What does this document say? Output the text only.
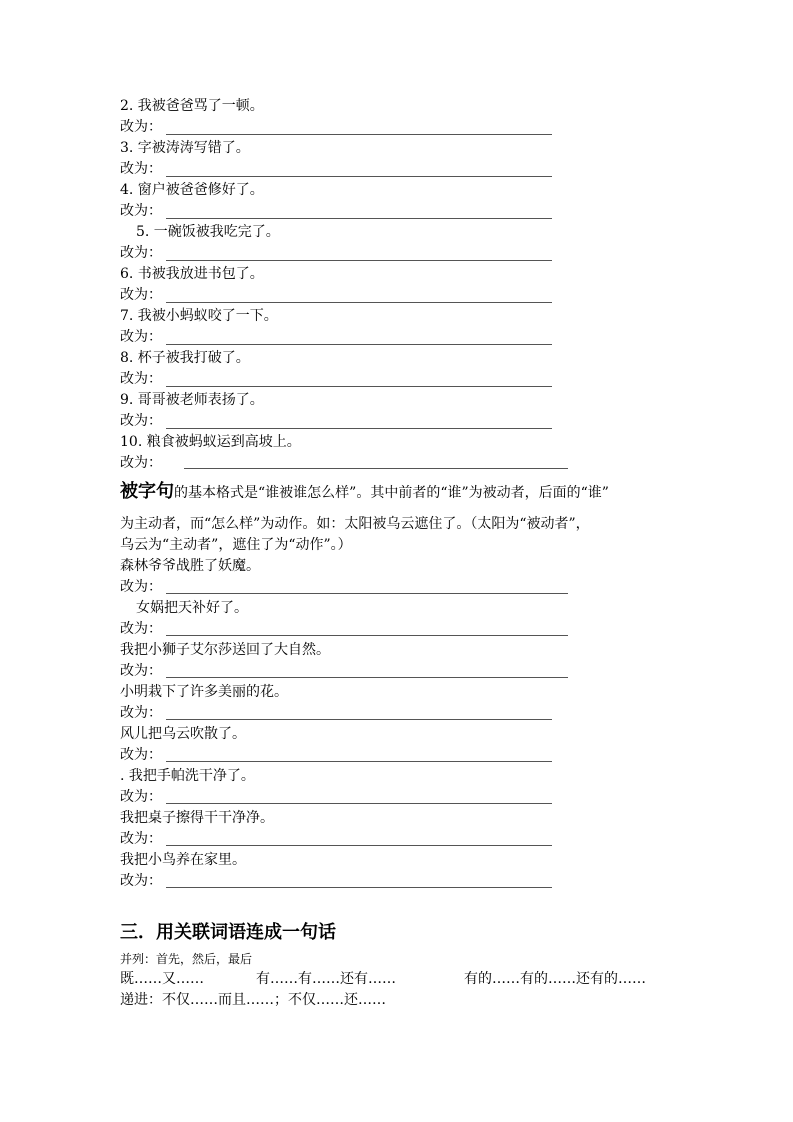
2. 我被爸爸骂了一顿。
改为：
3. 字被涛涛写错了。
改为：
4. 窗户被爸爸修好了。
改为：
5. 一碗饭被我吃完了。
改为：
6. 书被我放进书包了。
改为：
7. 我被小蚂蚁咬了一下。
改为：
8. 杯子被我打破了。
改为：
9. 哥哥被老师表扬了。
改为：
10. 粮食被蚂蚁运到高坡上。
改为：
被字句的基本格式是“谁被谁怎么样”。其中前者的“谁”为被动者，后面的“谁”
为主动者，而“怎么样”为动作。如：太阳被乌云遮住了。（太阳为“被动者”，
乌云为“主动者”，遮住了为“动作”。）
森林爷爷战胜了妖魔。
改为：
女娲把天补好了。
改为：
我把小狮子艾尔莎送回了大自然。
改为：
小明栽下了许多美丽的花。
改为：
风儿把乌云吹散了。
改为：
. 我把手帕洗干净了。
改为：
我把桌子擦得干干净净。
改为：
我把小鸟养在家里。
改为：
三．用关联词语连成一句话
并列：首先，然后，最后
既……又……	有……有……还有……	有的……有的……还有的……
递进：不仅……而且……；不仅……还……
